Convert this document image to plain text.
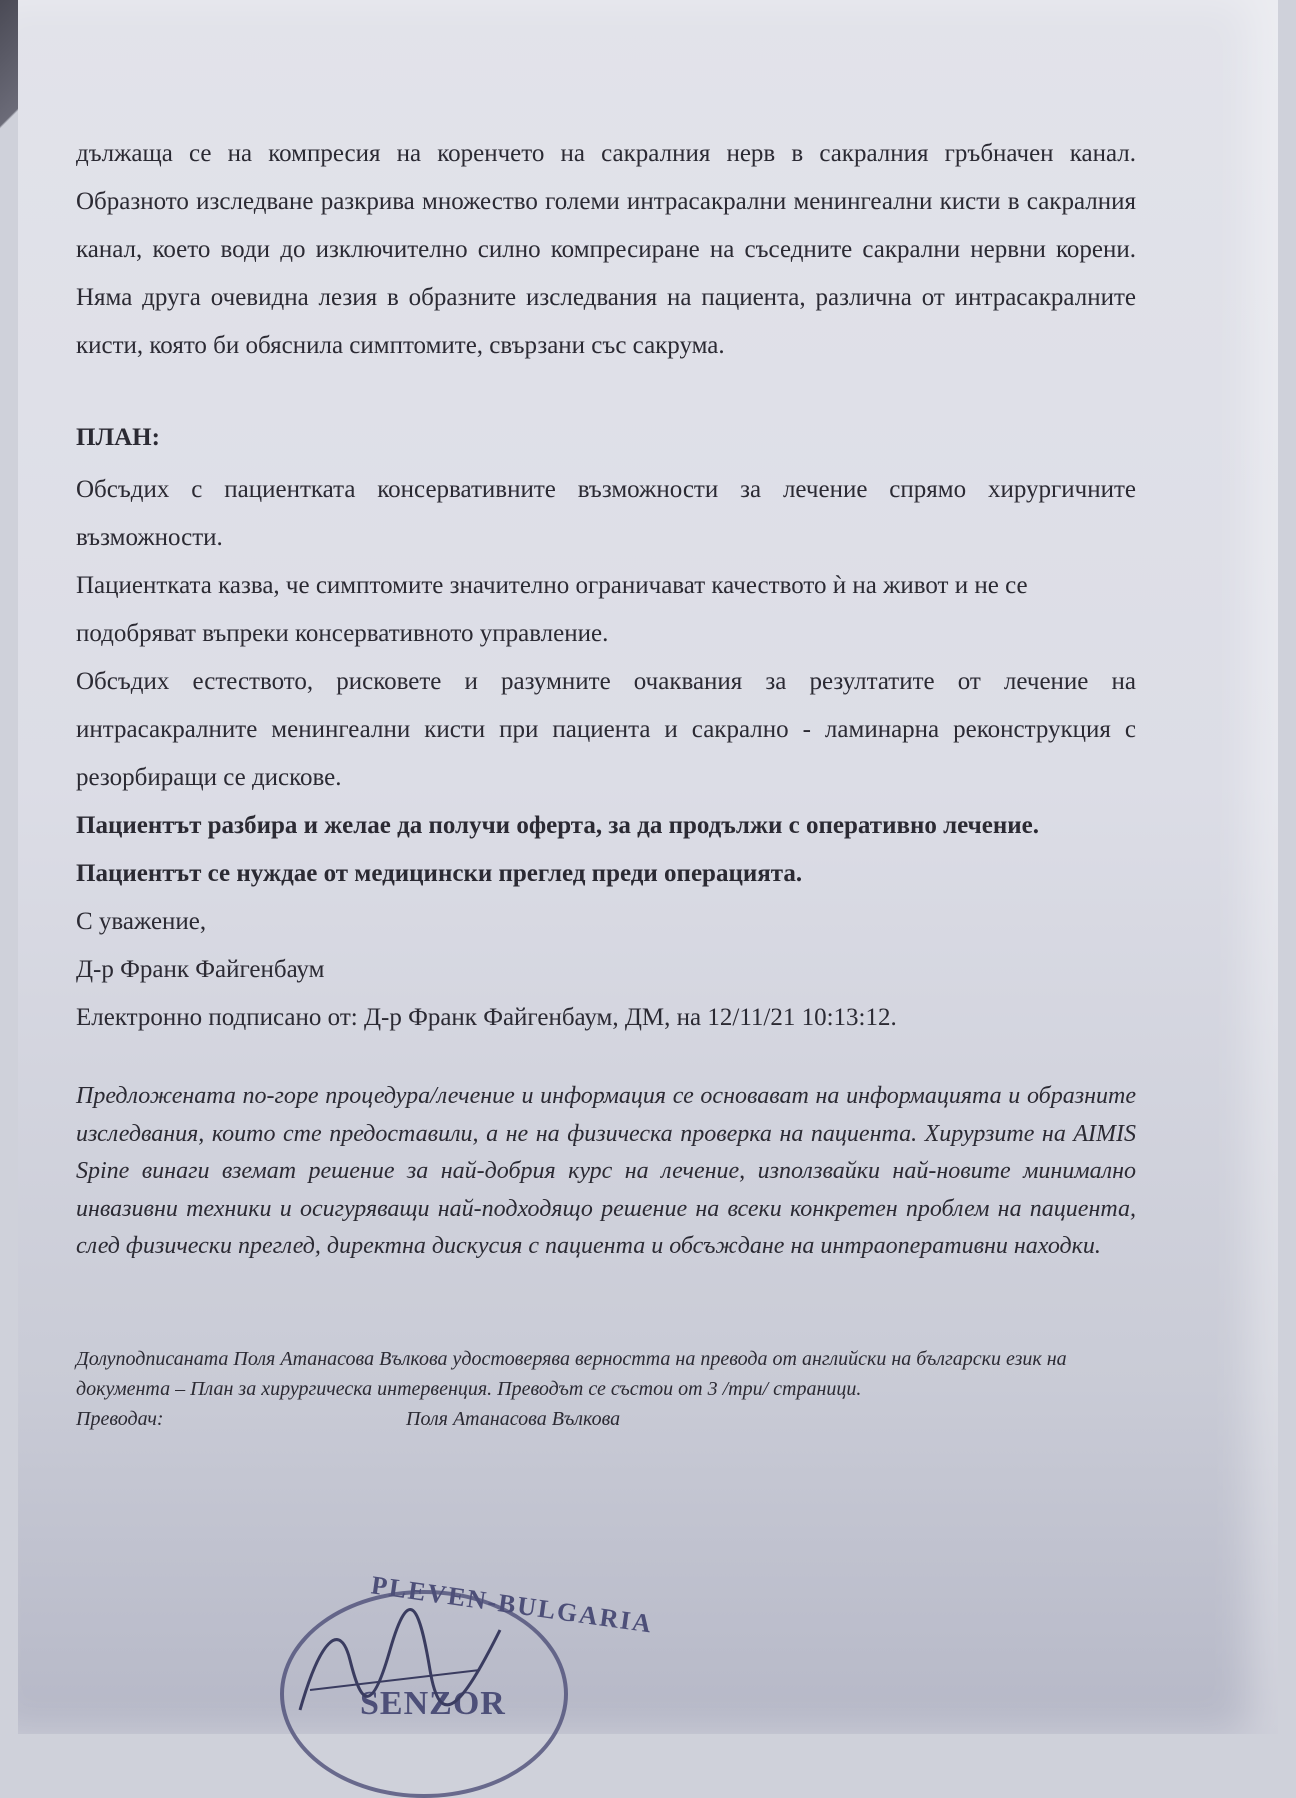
дължаща се на компресия на коренчето на сакралния нерв в сакралния гръбначен канал. Образното изследване разкрива множество големи интрасакрални менингеални кисти в сакралния канал, което води до изключително силно компресиране на съседните сакрални нервни корени. Няма друга очевидна лезия в образните изследвания на пациента, различна от интрасакралните кисти, която би обяснила симптомите, свързани със сакрума.

ПЛАН:

Обсъдих с пациентката консервативните възможности за лечение спрямо хирургичните възможности.

Пациентката казва, че симптомите значително ограничават качеството ѝ на живот и не се подобряват въпреки консервативното управление.

Обсъдих естеството, рисковете и разумните очаквания за резултатите от лечение на интрасакралните менингеални кисти при пациента и сакрално - ламинарна реконструкция с резорбиращи се дискове.

Пациентът разбира и желае да получи оферта, за да продължи с оперативно лечение.

Пациентът се нуждае от медицински преглед преди операцията.

С уважение,

Д-р Франк Файгенбаум

Електронно подписано от: Д-р Франк Файгенбаум, ДМ, на 12/11/21 10:13:12.

Предложената по-горе процедура/лечение и информация се основават на информацията и образните изследвания, които сте предоставили, а не на физическа проверка на пациента. Хирурзите на AIMIS Spine винаги вземат решение за най-добрия курс на лечение, използвайки най-новите минимално инвазивни техники и осигуряващи най-подходящо решение на всеки конкретен проблем на пациента, след физически преглед, директна дискусия с пациента и обсъждане на интраоперативни находки.

Долуподписаната Поля Атанасова Вълкова удостоверява верността на превода от английски на български език на документа – План за хирургическа интервенция. Преводът се състои от 3 /три/ страници.

Преводач:	Поля Атанасова Вълкова
PLEVEN-BULGARIA
SENZOR
